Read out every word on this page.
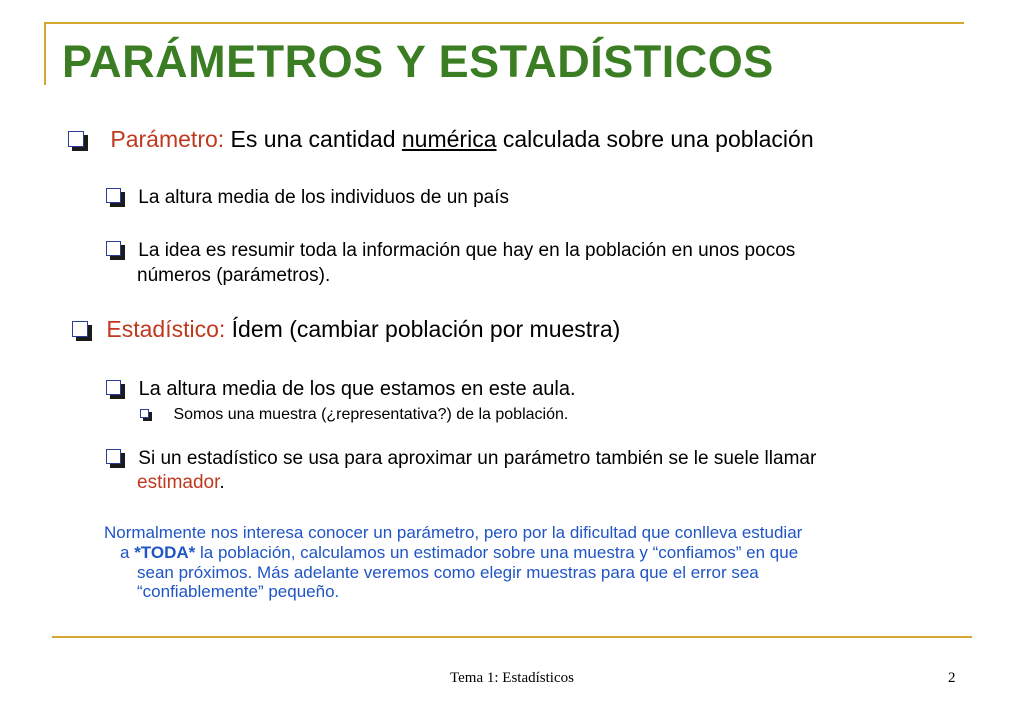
PARÁMETROS Y ESTADÍSTICOS
Parámetro: Es una cantidad numérica calculada sobre una población
La altura media de los individuos de un país
La idea es resumir toda la información que hay en la población en unos pocos
números (parámetros).
Estadístico: Ídem (cambiar población por muestra)
La altura media de los que estamos en este aula.
Somos una muestra (¿representativa?) de la población.
Si un estadístico se usa para aproximar un parámetro también se le suele llamar
estimador.
Normalmente nos interesa conocer un parámetro, pero por la dificultad que conlleva estudiar
a *TODA* la población, calculamos un estimador sobre una muestra y “confiamos” en que
sean próximos. Más adelante veremos como elegir muestras para que el error sea
“confiablemente” pequeño.
Tema 1: Estadísticos	2
